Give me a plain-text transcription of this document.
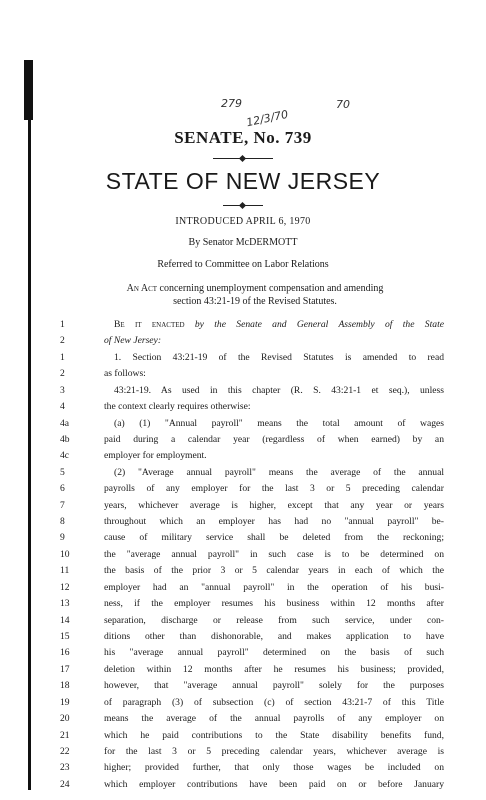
279
12/3/70
70
SENATE, No. 739
STATE OF NEW JERSEY
INTRODUCED APRIL 6, 1970
By Senator McDERMOTT
Referred to Committee on Labor Relations
An Act concerning unemployment compensation and amending
section 43:21-19 of the Revised Statutes.
1	Be it enacted by the Senate and General Assembly of the State
2	of New Jersey:
1	1. Section 43:21-19 of the Revised Statutes is amended to read
2	as follows:
3	43:21-19. As used in this chapter (R. S. 43:21-1 et seq.), unless
4	the context clearly requires otherwise:
4a	(a) (1) "Annual payroll" means the total amount of wages
4b	paid during a calendar year (regardless of when earned) by an
4c	employer for employment.
5	(2) "Average annual payroll" means the average of the annual
6	payrolls of any employer for the last 3 or 5 preceding calendar
7	years, whichever average is higher, except that any year or years
8	throughout which an employer has had no "annual payroll" be-
9	cause of military service shall be deleted from the reckoning;
10	the "average annual payroll" in such case is to be determined on
11	the basis of the prior 3 or 5 calendar years in each of which the
12	employer had an "annual payroll" in the operation of his busi-
13	ness, if the employer resumes his business within 12 months after
14	separation, discharge or release from such service, under con-
15	ditions other than dishonorable, and makes application to have
16	his "average annual payroll" determined on the basis of such
17	deletion within 12 months after he resumes his business; provided,
18	however, that "average annual payroll" solely for the purposes
19	of paragraph (3) of subsection (c) of section 43:21-7 of this Title
20	means the average of the annual payrolls of any employer on
21	which he paid contributions to the State disability benefits fund,
22	for the last 3 or 5 preceding calendar years, whichever average is
23	higher; provided further, that only those wages be included on
24	which employer contributions have been paid on or before January
